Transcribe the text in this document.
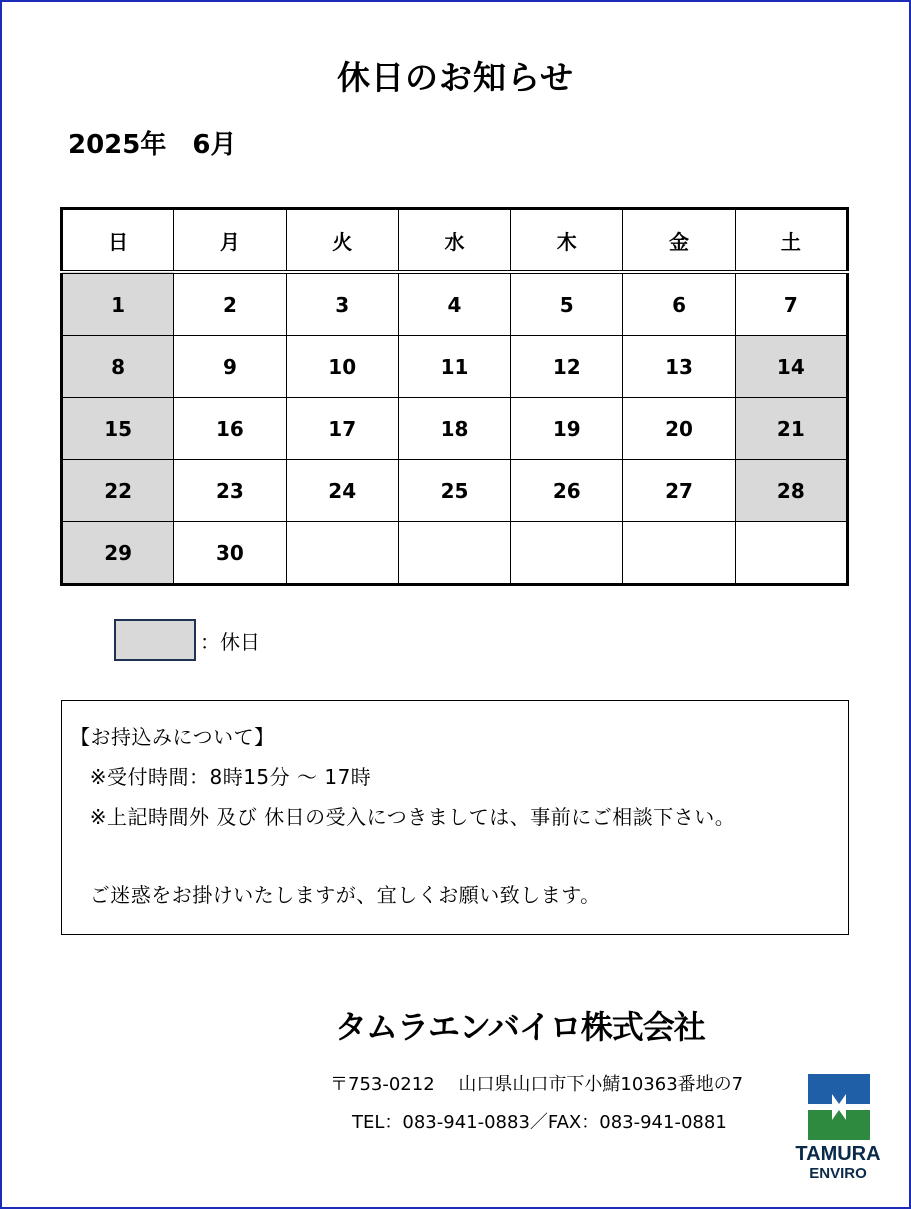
休日のお知らせ
2025年　6月
日	月	火	水	木	金	土
1	2	3	4	5	6	7
8	9	10	11	12	13	14
15	16	17	18	19	20	21
22	23	24	25	26	27	28
29	30					
：休日
【お持込みについて】
※受付時間：8時15分 〜 17時
※上記時間外 及び 休日の受入につきましては、事前にご相談下さい。
ご迷惑をお掛けいたしますが、宜しくお願い致します。
タムラエンバイロ株式会社
〒753-0212　 山口県山口市下小鯖10363番地の7
TEL：083-941-0883／FAX：083-941-0881
TAMURA
ENVIRO
